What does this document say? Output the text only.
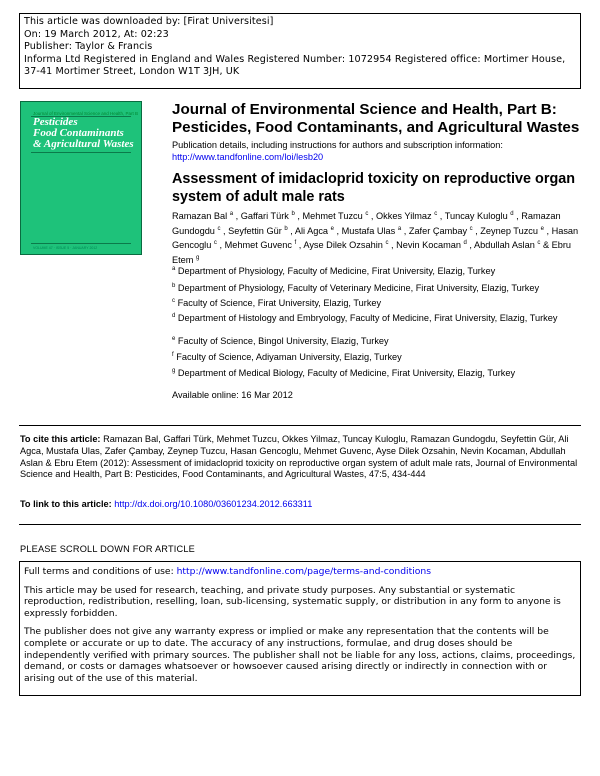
This article was downloaded by: [Firat Universitesi]
On: 19 March 2012, At: 02:23
Publisher: Taylor & Francis
Informa Ltd Registered in England and Wales Registered Number: 1072954 Registered office: Mortimer House,
37-41 Mortimer Street, London W1T 3JH, UK
Journal of Environmental Science and Health, Part B
Pesticides
Food Contaminants
& Agricultural Wastes
VOLUME 47 · ISSUE 5 · JANUARY 2012
Journal of Environmental Science and Health, Part B: Pesticides, Food Contaminants, and Agricultural Wastes
Publication details, including instructions for authors and subscription information:
http://www.tandfonline.com/loi/lesb20
Assessment of imidacloprid toxicity on reproductive organ system of adult male rats
Ramazan Bal $^a$ , Gaffari Türk $^b$ , Mehmet Tuzcu $^c$ , Okkes Yilmaz $^c$ , Tuncay Kuloglu $^d$ , Ramazan Gundogdu $^c$ , Seyfettin Gür $^b$ , Ali Agca $^e$ , Mustafa Ulas $^a$ , Zafer Çambay $^c$ , Zeynep Tuzcu $^e$ , Hasan Gencoglu $^c$ , Mehmet Guvenc $^f$ , Ayse Dilek Ozsahin $^c$ , Nevin Kocaman $^d$ , Abdullah Aslan $^c$ & Ebru Etem $^g$
$^a$ Department of Physiology, Faculty of Medicine, Firat University, Elazig, Turkey
$^b$ Department of Physiology, Faculty of Veterinary Medicine, Firat University, Elazig, Turkey
$^c$ Faculty of Science, Firat University, Elazig, Turkey
$^d$ Department of Histology and Embryology, Faculty of Medicine, Firat University, Elazig, Turkey
$^e$ Faculty of Science, Bingol University, Elazig, Turkey
$^f$ Faculty of Science, Adiyaman University, Elazig, Turkey
$^g$ Department of Medical Biology, Faculty of Medicine, Firat University, Elazig, Turkey
Available online: 16 Mar 2012
To cite this article: Ramazan Bal, Gaffari Türk, Mehmet Tuzcu, Okkes Yilmaz, Tuncay Kuloglu, Ramazan Gundogdu, Seyfettin Gür, Ali Agca, Mustafa Ulas, Zafer Çambay, Zeynep Tuzcu, Hasan Gencoglu, Mehmet Guvenc, Ayse Dilek Ozsahin, Nevin Kocaman, Abdullah Aslan & Ebru Etem (2012): Assessment of imidacloprid toxicity on reproductive organ system of adult male rats, Journal of Environmental Science and Health, Part B: Pesticides, Food Contaminants, and Agricultural Wastes, 47:5, 434-444
To link to this article: http://dx.doi.org/10.1080/03601234.2012.663311
PLEASE SCROLL DOWN FOR ARTICLE

Full terms and conditions of use: http://www.tandfonline.com/page/terms-and-conditions

This article may be used for research, teaching, and private study purposes. Any substantial or systematic reproduction, redistribution, reselling, loan, sub-licensing, systematic supply, or distribution in any form to anyone is expressly forbidden.

The publisher does not give any warranty express or implied or make any representation that the contents will be complete or accurate or up to date. The accuracy of any instructions, formulae, and drug doses should be independently verified with primary sources. The publisher shall not be liable for any loss, actions, claims, proceedings, demand, or costs or damages whatsoever or howsoever caused arising directly or indirectly in connection with or arising out of the use of this material.
